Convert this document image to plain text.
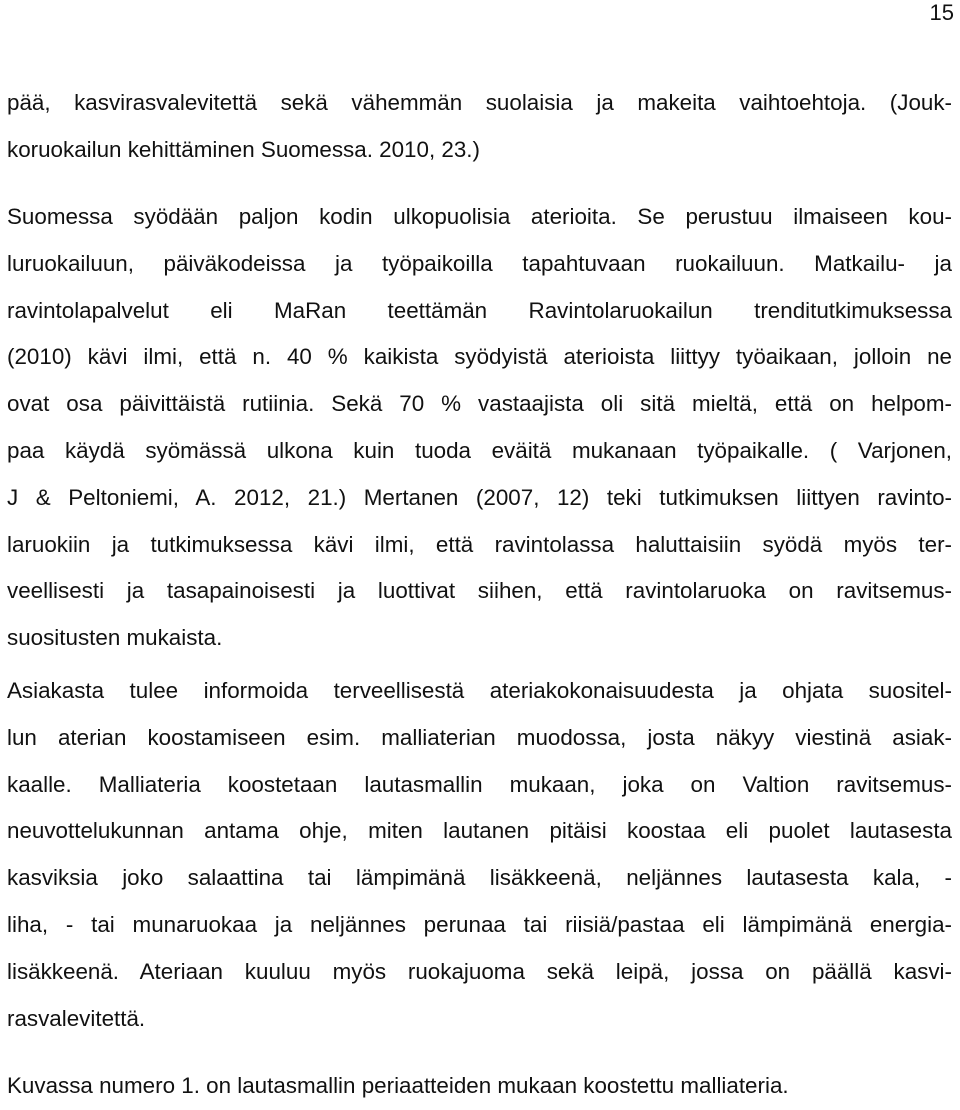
15
pää, kasvirasvalevitettä sekä vähemmän suolaisia ja makeita vaihtoehtoja. (Jouk-
koruokailun kehittäminen Suomessa. 2010, 23.)
Suomessa syödään paljon kodin ulkopuolisia aterioita. Se perustuu ilmaiseen kou-
luruokailuun, päiväkodeissa ja työpaikoilla tapahtuvaan ruokailuun. Matkailu- ja
ravintolapalvelut eli MaRan teettämän Ravintolaruokailun trenditutkimuksessa
(2010) kävi ilmi, että n. 40 % kaikista syödyistä aterioista liittyy työaikaan, jolloin ne
ovat osa päivittäistä rutiinia. Sekä 70 % vastaajista oli sitä mieltä, että on helpom-
paa käydä syömässä ulkona kuin tuoda eväitä mukanaan työpaikalle. ( Varjonen,
J & Peltoniemi, A. 2012, 21.) Mertanen (2007, 12) teki tutkimuksen liittyen ravinto-
laruokiin ja tutkimuksessa kävi ilmi, että ravintolassa haluttaisiin syödä myös ter-
veellisesti ja tasapainoisesti ja luottivat siihen, että ravintolaruoka on ravitsemus-
suositusten mukaista.
Asiakasta tulee informoida terveellisestä ateriakokonaisuudesta ja ohjata suositel-
lun aterian koostamiseen esim. malliaterian muodossa, josta näkyy viestinä asiak-
kaalle. Malliateria koostetaan lautasmallin mukaan, joka on Valtion ravitsemus-
neuvottelukunnan antama ohje, miten lautanen pitäisi koostaa eli puolet lautasesta
kasviksia joko salaattina tai lämpimänä lisäkkeenä, neljännes lautasesta kala, -
liha, - tai munaruokaa ja neljännes perunaa tai riisiä/pastaa eli lämpimänä energia-
lisäkkeenä. Ateriaan kuuluu myös ruokajuoma sekä leipä, jossa on päällä kasvi-
rasvalevitettä.
Kuvassa numero 1. on lautasmallin periaatteiden mukaan koostettu malliateria.
